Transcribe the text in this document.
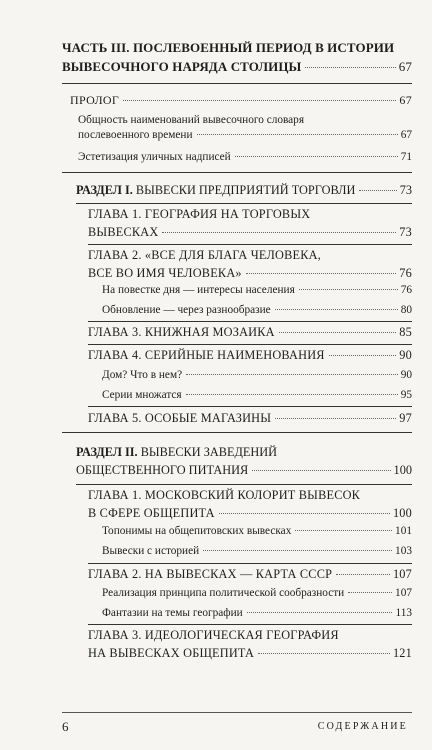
ЧАСТЬ III. ПОСЛЕВОЕННЫЙ ПЕРИОД В ИСТОРИИ
ВЫВЕСОЧНОГО НАРЯДА СТОЛИЦЫ	67
ПРОЛОГ	67
Общность наименований вывесочного словаря
послевоенного времени	67
Эстетизация уличных надписей	71
РАЗДЕЛ I. ВЫВЕСКИ ПРЕДПРИЯТИЙ ТОРГОВЛИ	73
ГЛАВА 1. ГЕОГРАФИЯ НА ТОРГОВЫХ
ВЫВЕСКАХ	73
ГЛАВА 2. «ВСЕ ДЛЯ БЛАГА ЧЕЛОВЕКА,
ВСЕ ВО ИМЯ ЧЕЛОВЕКА»	76
На повестке дня — интересы населения	76
Обновление — через разнообразие	80
ГЛАВА 3. КНИЖНАЯ МОЗАИКА	85
ГЛАВА 4. СЕРИЙНЫЕ НАИМЕНОВАНИЯ	90
Дом? Что в нем?	90
Серии множатся	95
ГЛАВА 5. ОСОБЫЕ МАГАЗИНЫ	97
РАЗДЕЛ II. ВЫВЕСКИ ЗАВЕДЕНИЙ
ОБЩЕСТВЕННОГО ПИТАНИЯ	100
ГЛАВА 1. МОСКОВСКИЙ КОЛОРИТ ВЫВЕСОК
В СФЕРЕ ОБЩЕПИТА	100
Топонимы на общепитовских вывесках	101
Вывески с историей	103
ГЛАВА 2. НА ВЫВЕСКАХ — КАРТА СССР	107
Реализация принципа политической сообразности	107
Фантазии на темы географии	113
ГЛАВА 3. ИДЕОЛОГИЧЕСКАЯ ГЕОГРАФИЯ
НА ВЫВЕСКАХ ОБЩЕПИТА	121
6	СОДЕРЖАНИЕ
